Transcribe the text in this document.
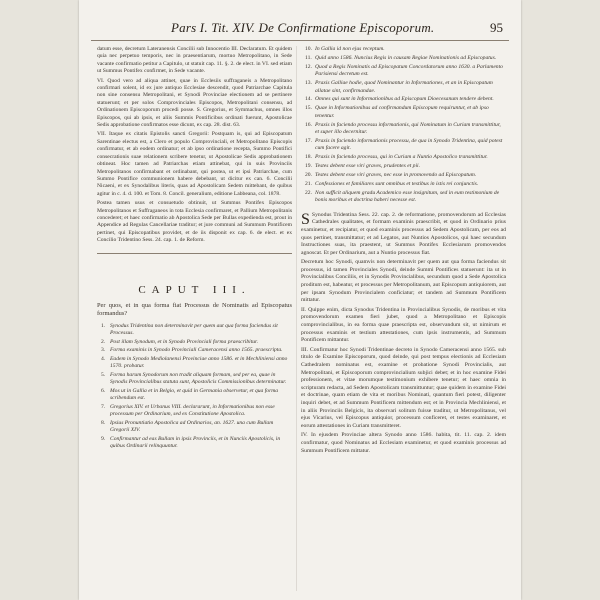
Pars I. Tit. XIV. De Confirmatione Episcoporum.	95

datum esse, decretum Lateranensis Concilii sub Innocentio III. Declaratum. Et quidem quia nec perpetuo temporis, nec in praesentiarum, mortuo Metropolitano, in Sede vacante confirmatio petitur a Capitulo, ut statuit cap. 11. §. 2. de elect. in VI. sed etiam ut Summus Pontifex confirmet, in Sede vacante.

VI. Quod vero ad aliqua attinet, quae in Ecclesiis suffraganeis a Metropolitano confirmari solent, id ex jure antiquo Ecclesiae descendit, quod Patriarchae Capitula non sine consensu Metropolitani, et Synodi Provinciae electionem ad se pertinere statuerunt; et per solos Comprovinciales Episcopos, Metropolitani consensu, ad Ordinationem Episcoporum procedi posse. S. Gregorius, et Symmachus, omnes illos Episcopos, qui ab ipsis, et aliis Summis Pontificibus ordinati fuerunt, Apostolicae Sedis approbatione confirmatos esse dicunt, ex cap. 28. dist. 63.

VII. Itaque ex citatis Epistolis sancti Gregorii: Postquam is, qui ad Episcopatum Sarentinae electus est, a Clero et populo Comprovinciali, et Metropolitano Episcopis confirmatur, et ab eodem ordinatur; et ab ipso ordinatione recepta, Summo Pontifici consecrationis suae relationem scribere tenetur, ut Apostolicae Sedis approbationem obtineat. Hoc tamen ad Patriarchas etiam attinebat, qui in suis Provinciis Metropolitanos confirmabant et ordinabant, qui postea, ut et ipsi Patriarchae, cum Summo Pontifice communionem habere debebant, ut dicitur ex can. 6. Concilii Nicaeni, et ex Synodalibus literis, quas ad Apostolicam Sedem mittebant, de quibus agitur in c. 4. d. 100. et Tom. 8. Concil. generalium, editione Labbeana, col. 1878.

Postea tamen usus et consuetudo obtinuit, ut Summus Pontifex Episcopos Metropolitanos et Suffraganeos in tota Ecclesia confirmaret, et Pallium Metropolitanis concederet; et haec confirmatio ab Apostolica Sede per Bullas expedienda est, prout in Appendice ad Regulas Cancellariae traditur; et jure communi ad Summum Pontificem pertinet, qui Episcopatibus providet, et de iis disponit ex cap. 6. de elect. et ex Concilio Tridentino Sess. 24. cap. 1. de Reform.

CAPUT III.

Per quos, et in qua forma fiat Processus de Nominatis ad Episcopatus formandus?

1. Synodus Tridentina non determinavit per quem aut qua forma faciendus sit Processus.
2. Post illam Synodum, et in Synodo Provinciali forma praescribitur.
3. Forma examinis in Synodo Provinciali Cameracensi anno 1565. praescripta.
4. Eadem in Synodo Mediolanensi Provinciae anno 1586. et in Mechliniensi anno 1570. probatur.
5. Forma harum Synodorum non tradit aliquam formam, sed per ea, quae in Synodis Provincialibus statuta sunt, Apostolicis Commissionibus determinatur.
6. Mos ut in Gallia et in Belgio, et quid in Germania observetur, et qua forma scribendum est.
7. Gregorius XIV. et Urbanus VIII. declararunt, in Informationibus non esse processum per Ordinarium, sed ex Constitutione Apostolica.
8. Ipsius Pronuntiatio Apostolica ad Ordinarios, an. 1627. una cum Bullam Gregorii XIV.
9. Confirmantur ad eas Bullam in ipsis Provinciis, et in Nunciis Apostolicis, in quibus Ordinarii relinquuntur.
10. In Gallia id non ejus receptum.
11. Quid anno 1586. Nuncius Regis in causam Regiae Nominationis ad Episcopatus.
12. Quod a Regis Nominatis ad Episcopatum Concordatorum anno 1630. a Parlamento Parisiensi decretum est.
13. Praxis Galliae hodie, quod Nominantur in Informationes, et an in Episcopatum allatae sint, confirmandae.
14. Omnes qui sunt in Informationibus ad Episcopum Dioecesanum tendere debent.
15. Quae in Informationibus ad confirmandum Episcopum requiruntur, et ab ipso tenentur.
16. Praxis in faciendo processu informationis, qui Nominatum in Curiam transmittitur, et super illo decernitur.
17. Praxis in faciendo informationis processu, de qua in Synodo Tridentina, quid potest cum facere agit.
18. Praxis in faciendo processu, qui in Curiam a Nuntio Apostolico transmittitur.
19. Testes debent esse viri graves, prudentes et pii.
20. Testes debent esse viri graves, nec esse in promovendo ad Episcopatum.
21. Confessiones et familiares sunt omnibus et testibus in istis rei conjunctis.
22. Non sufficit aliquem gradu Academico esse insignitum, sed in eum testimonium de bonis moribus et doctrina haberi necesse est.

S Synodus Tridentina Sess. 22. cap. 2. de reformatione, promovendorum ad Ecclesias Cathedrales qualitates, et formam examinis praescribit, et quod in Ordinario prius examinetur, et recipiatur, et quod examinis processus ad Sedem Apostolicam, per eos ad quos pertinet, transmittatur; et ad Legatos, aut Nuntios Apostolicos, qui haec secundum Instructiones suas, ita praestent, ut Summus Pontifex Ecclesiarum promovendos agnoscat. Et per Ordinarium, aut a Nuntio processus fiat.

Decretum hoc Synodi, quamvis non determinavit per quem aut qua forma faciendus sit processus, id tamen Provinciales Synodi, deinde Summi Pontifices statuerunt: ita ut in Provincialibus Conciliis, et in Synodis Provincialibus, secundum quod a Sede Apostolica proditum est, habeatur, et processus per Metropolitanum, aut Episcopum antiquiorem, aut per ipsam Synodum Provincialem conficiatur; et tandem ad Summum Pontificem mittatur.

II. Quippe enim, dicta Synodus Tridentina in Provincialibus Synodis, de moribus et vita promovendorum examen fieri jubet, quod a Metropolitano et Episcopis comprovincialibus, in ea forma quae praescripta est, observandum sit, ut nimirum et processus examinis et testium attestationes, cum ipsis instrumentis, ad Summum Pontificem mittantur.

III. Confirmatur hoc Synodi Tridentinae decreto in Synodo Cameracensi anno 1565. sub titulo de Examine Episcoporum, quod deinde, qui post tempus electionis ad Ecclesiam Cathedralem nominatus est, examine et probatione Synodi Provincialis, aut Metropolitani, et Episcoporum comprovincialium subjici debet; et in hoc examine Fidei professionem, et vitae morumque testimonium exhibere tenetur; et haec omnia in scripturam redacta, ad Sedem Apostolicam transmittuntur; quae quidem in examine Fidei et doctrinae, quam etiam de vita et moribus Nominati, quantum fieri potest, diligenter inquiri debet, et ad Summum Pontificem mittendum est; et in Provincia Mechliniensi, et in aliis Provinciis Belgicis, ita observari solitum fuisse traditur, ut Metropolitanus, vel ejus Vicarius, vel Episcopus antiquior, processum conficeret, et testes examinaret, et eorum attestationes in Curiam transmitteret.

IV. In ejusdem Provinciae altera Synodo anno 1586. habita, tit. 11. cap. 2. idem confirmatur, quod Nominatus ad Ecclesiam examinetur, et quod examinis processus ad Summum Pontificem mittatur.
